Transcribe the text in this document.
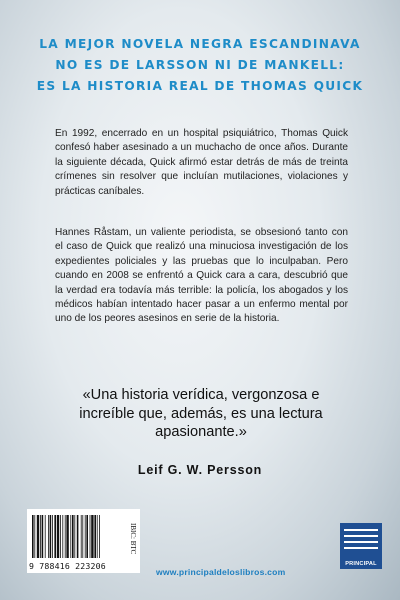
LA MEJOR NOVELA NEGRA ESCANDINAVA
NO ES DE LARSSON NI DE MANKELL:
ES LA HISTORIA REAL DE THOMAS QUICK

En 1992, encerrado en un hospital psiquiátrico, Thomas Quick confesó haber asesinado a un muchacho de once años. Durante la siguiente década, Quick afirmó estar detrás de más de treinta crímenes sin resolver que incluían mutilaciones, violaciones y prácticas caníbales.

Hannes Råstam, un valiente periodista, se obsesionó tanto con el caso de Quick que realizó una minuciosa investigación de los expedientes policiales y las pruebas que lo inculpaban. Pero cuando en 2008 se enfrentó a Quick cara a cara, descubrió que la verdad era todavía más terrible: la policía, los abogados y los médicos habían intentado hacer pasar a un enfermo mental por uno de los peores asesinos en serie de la historia.

«Una historia verídica, vergonzosa e increíble que, además, es una lectura apasionante.»
Leif G. W. Persson
9 788416 223206
IBIC: BTC
www.principaldeloslibros.com
PRINCIPAL
